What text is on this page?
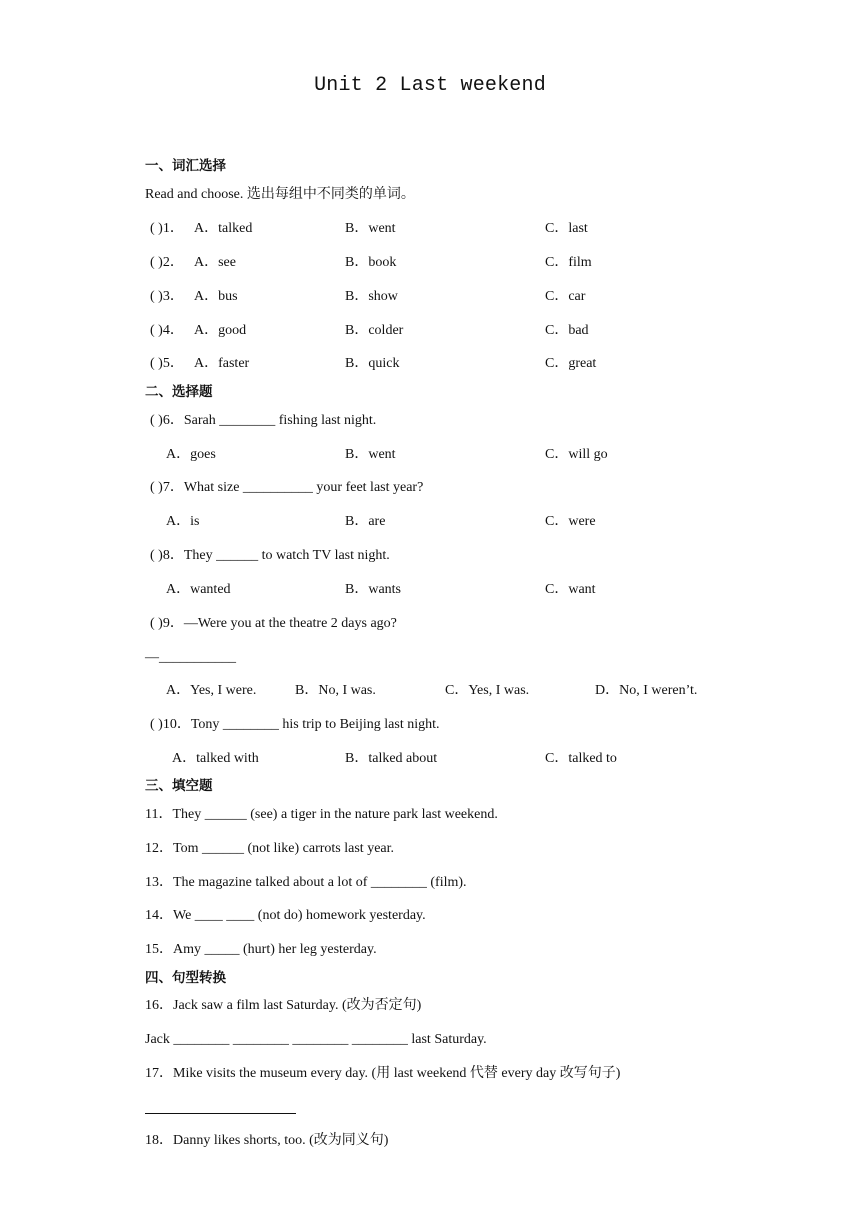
Unit 2 Last weekend
一、词汇选择
Read and choose. 选出每组中不同类的单词。
( )1． A．talked	B．went	C．last
( )2． A．see	B．book	C．film
( )3． A．bus	B．show	C．car
( )4． A．good	B．colder	C．bad
( )5． A．faster	B．quick	C．great
二、选择题
( )6．Sarah ________ fishing last night.
A．goes	B．went	C．will go
( )7．What size __________ your feet last year?
A．is	B．are	C．were
( )8．They ______ to watch TV last night.
A．wanted	B．wants	C．want
( )9．—Were you at the theatre 2 days ago?
—___________
A．Yes, I were.	B．No, I was.	C．Yes, I was.	D．No, I weren’t.
( )10．Tony ________ his trip to Beijing last night.
A．talked with	B．talked about	C．talked to
三、填空题
11．They ______ (see) a tiger in the nature park last weekend.
12．Tom ______ (not like) carrots last year.
13．The magazine talked about a lot of ________ (film).
14．We ____ ____ (not do) homework yesterday.
15．Amy _____ (hurt) her leg yesterday.
四、句型转换
16．Jack saw a film last Saturday. (改为否定句)
Jack ________ ________ ________ ________ last Saturday.
17．Mike visits the museum every day. (用 last weekend 代替 every day 改写句子)
18．Danny likes shorts, too. (改为同义句)
